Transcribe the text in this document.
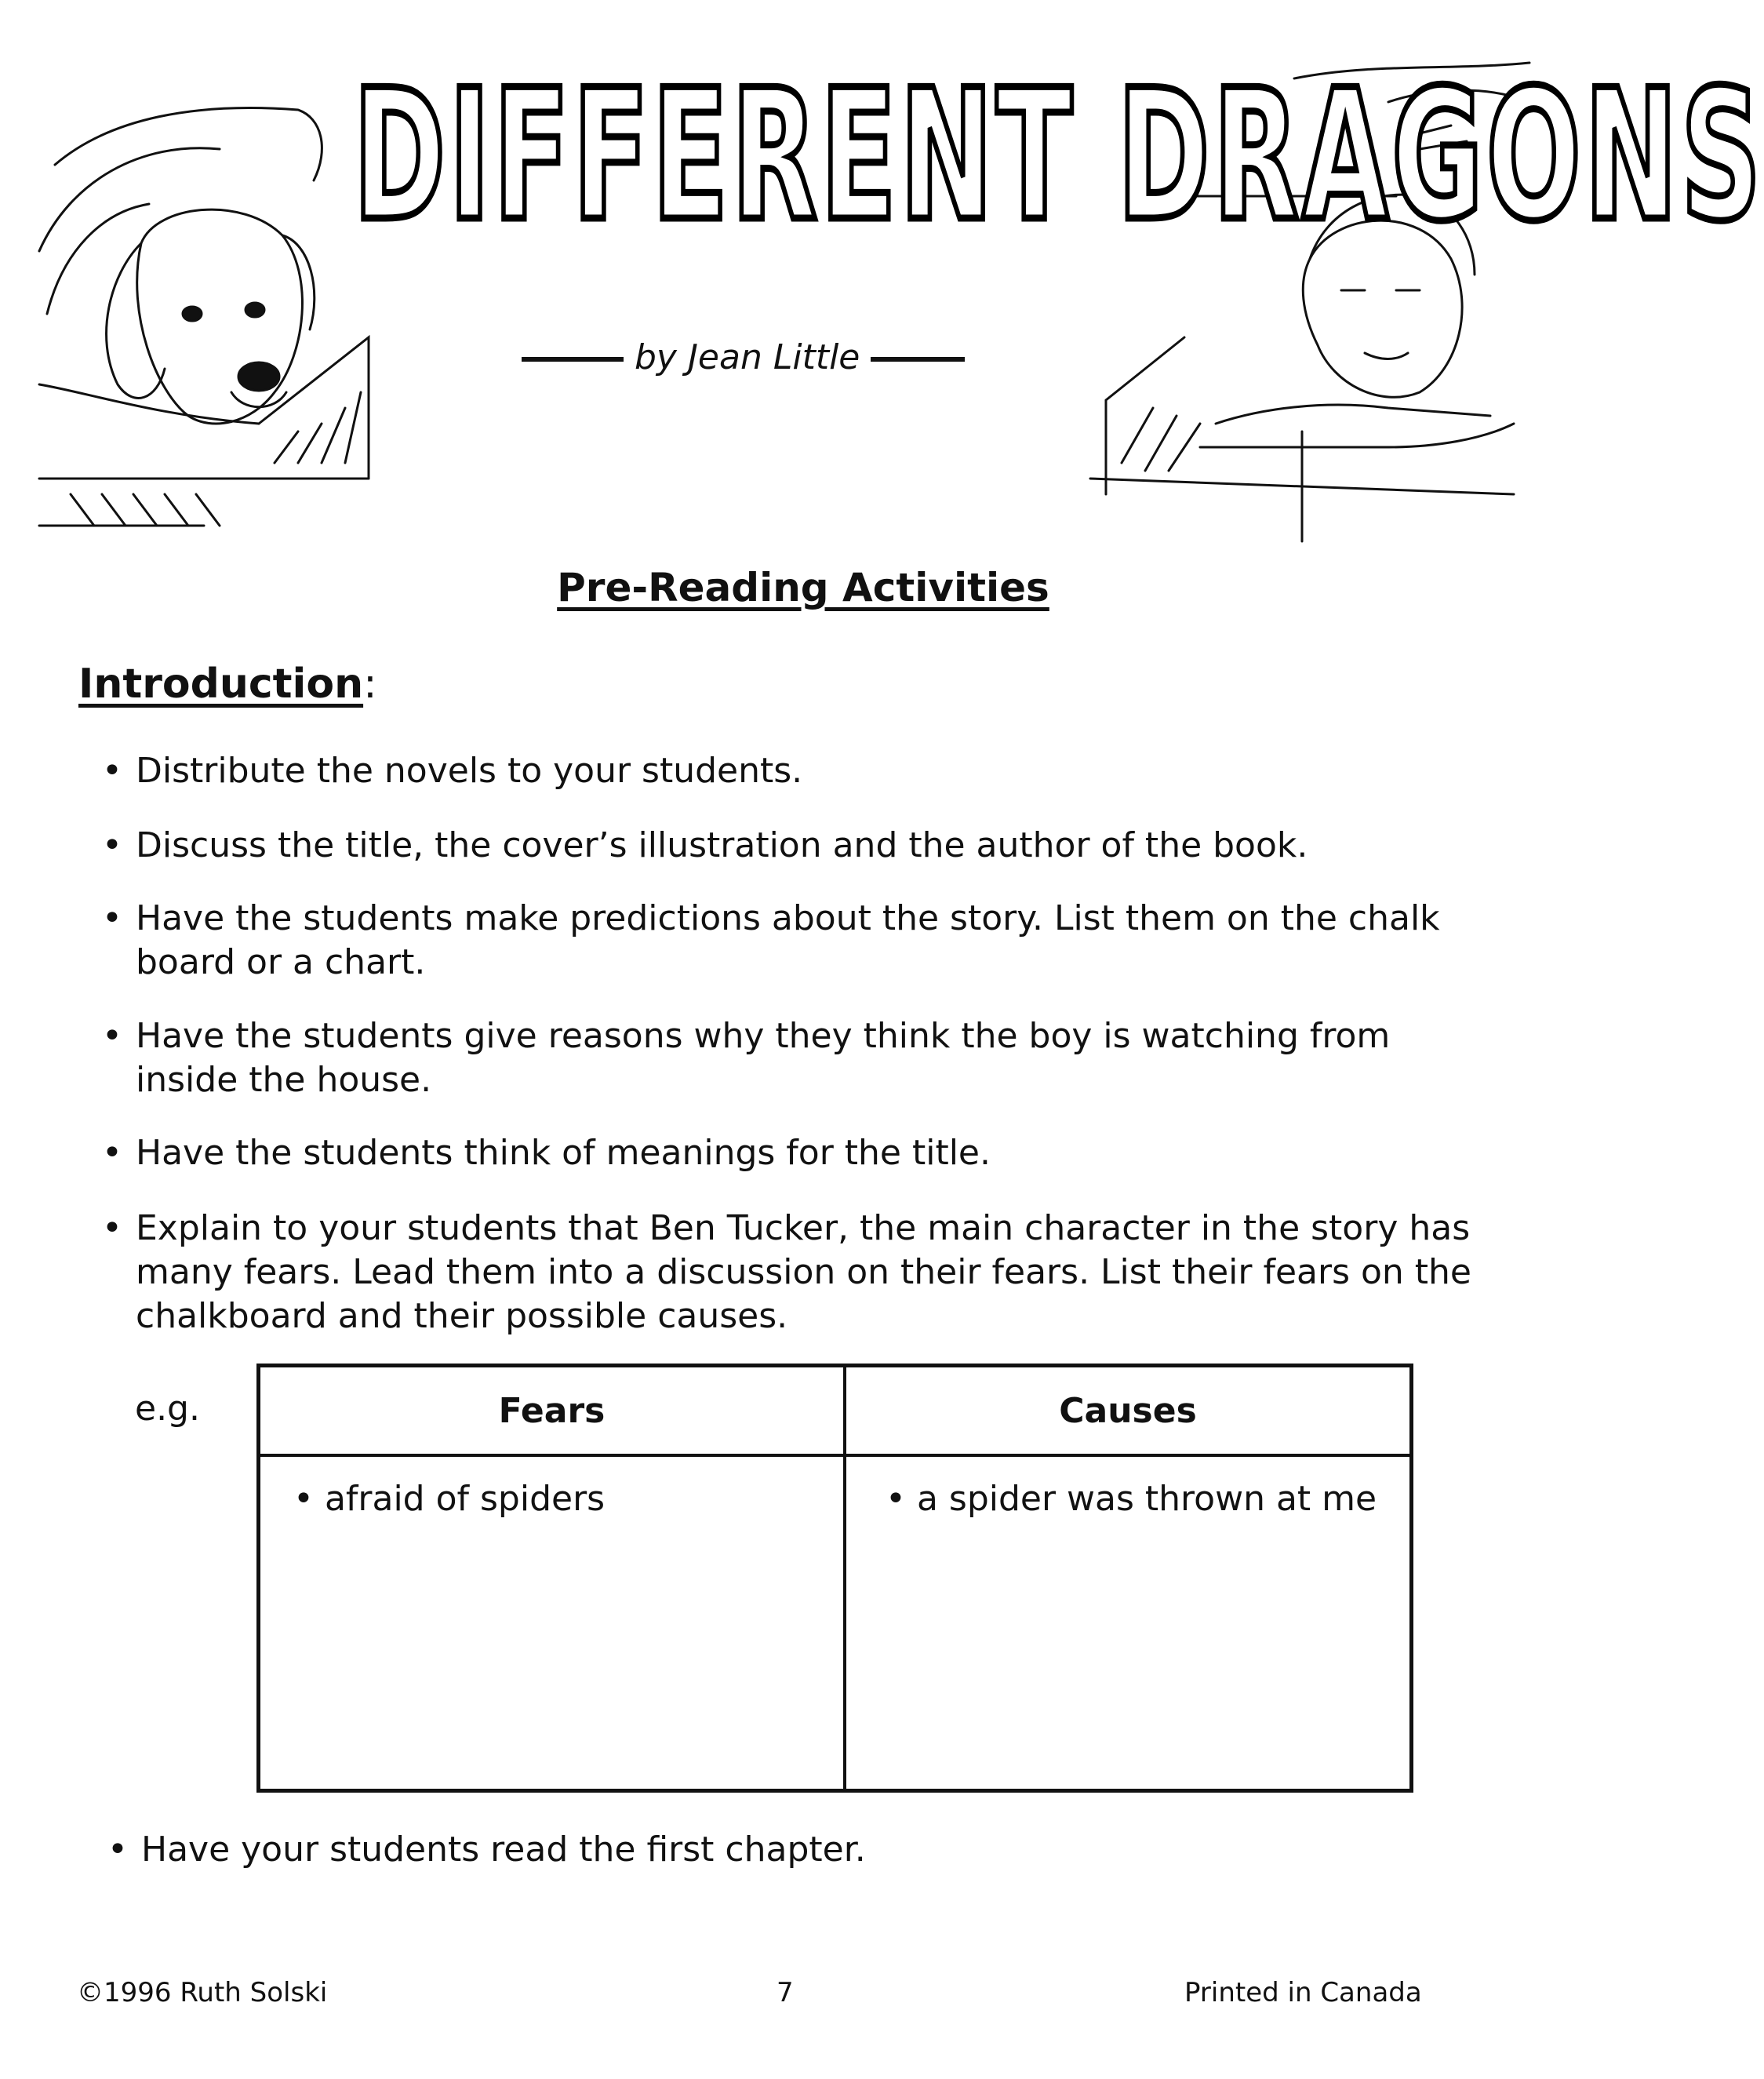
DIFFERENT DRAGONS
by Jean Little
Pre-Reading Activities
Introduction:
• Distribute the novels to your students.
• Discuss the title, the cover’s illustration and the author of the book.
• Have the students make predictions about the story. List them on the chalk board or a chart.
• Have the students give reasons why they think the boy is watching from inside the house.
• Have the students think of meanings for the title.
• Explain to your students that Ben Tucker, the main character in the story has many fears. Lead them into a discussion on their fears. List their fears on the chalkboard and their possible causes.
e.g.	Fears	Causes
• afraid of spiders	• a spider was thrown at me
• Have your students read the first chapter.
©1996 Ruth Solski	7	Printed in Canada
